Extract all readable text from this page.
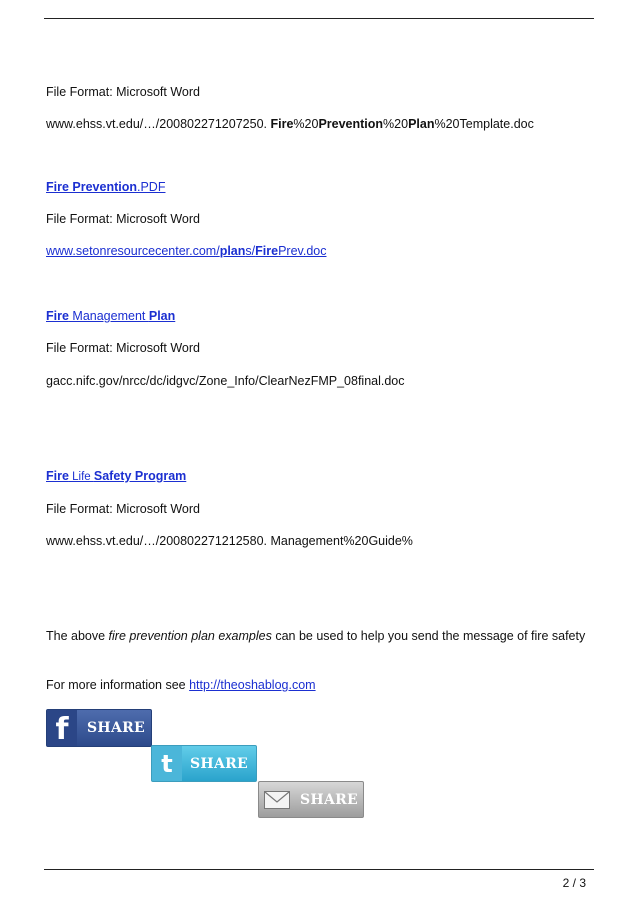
File Format: Microsoft Word
www.ehss.vt.edu/…/200802271207250. Fire%20Prevention%20Plan%20Template.doc
Fire Prevention.PDF
File Format: Microsoft Word
www.setonresourcecenter.com/plans/FirePrev.doc
Fire Management Plan
File Format: Microsoft Word
gacc.nifc.gov/nrcc/dc/idgvc/Zone_Info/ClearNezFMP_08final.doc
Fire Life Safety Program
File Format: Microsoft Word
www.ehss.vt.edu/…/200802271212580. Management%20Guide%
The above fire prevention plan examples can be used to help you send the message of fire safety
For more information see http://theoshablog.com
f	SHARE
t	SHARE
SHARE
2 / 3
